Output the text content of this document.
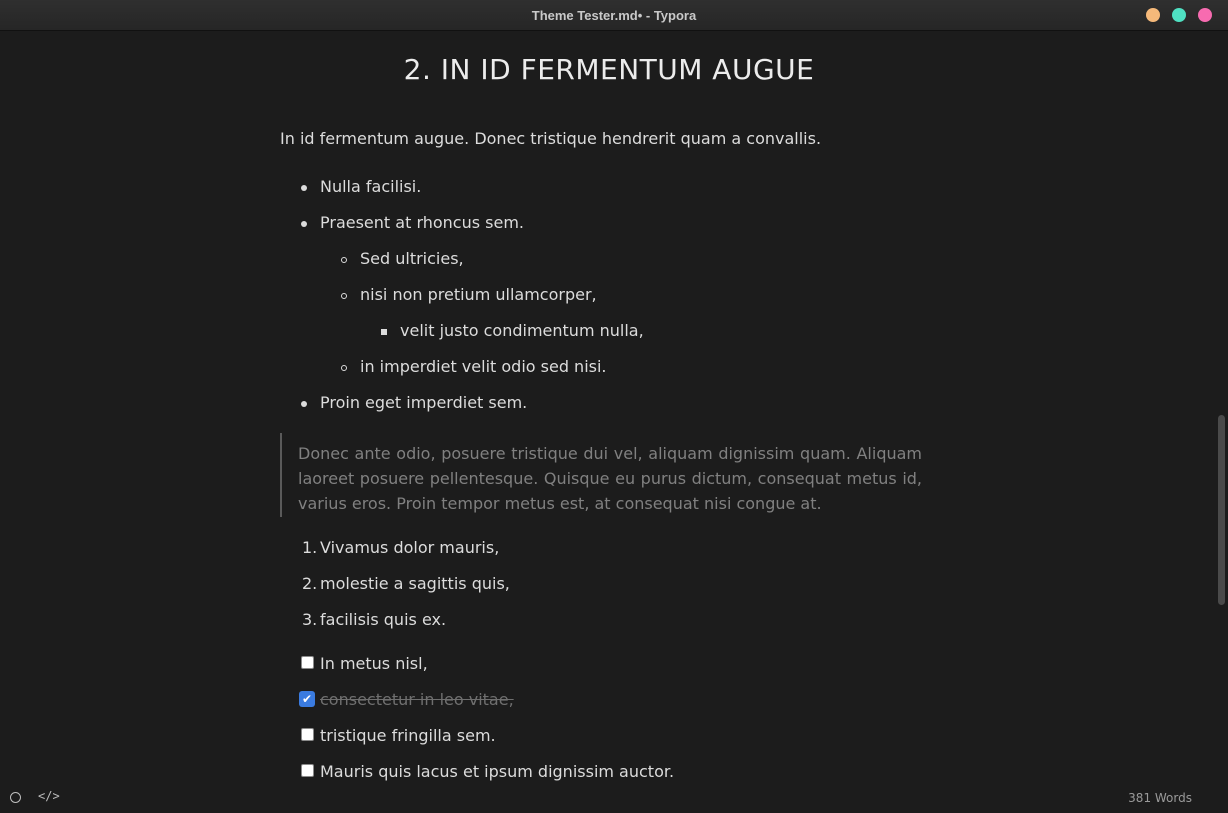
Theme Tester.md• - Typora
2. IN ID FERMENTUM AUGUE

In id fermentum augue. Donec tristique hendrerit quam a convallis.

Nulla facilisi.
Praesent at rhoncus sem.
Sed ultricies,
nisi non pretium ullamcorper,
velit justo condimentum nulla,
in imperdiet velit odio sed nisi.
Proin eget imperdiet sem.

Donec ante odio, posuere tristique dui vel, aliquam dignissim quam. Aliquam laoreet posuere pellentesque. Quisque eu purus dictum, consequat metus id, varius eros. Proin tempor metus est, at consequat nisi congue at.

1. Vivamus dolor mauris,
2. molestie a sagittis quis,
3. facilisis quis ex.
In metus nisl,
✔ consectetur in leo vitae,
tristique fringilla sem.
Mauris quis lacus et ipsum dignissim auctor.
</>	381 Words
